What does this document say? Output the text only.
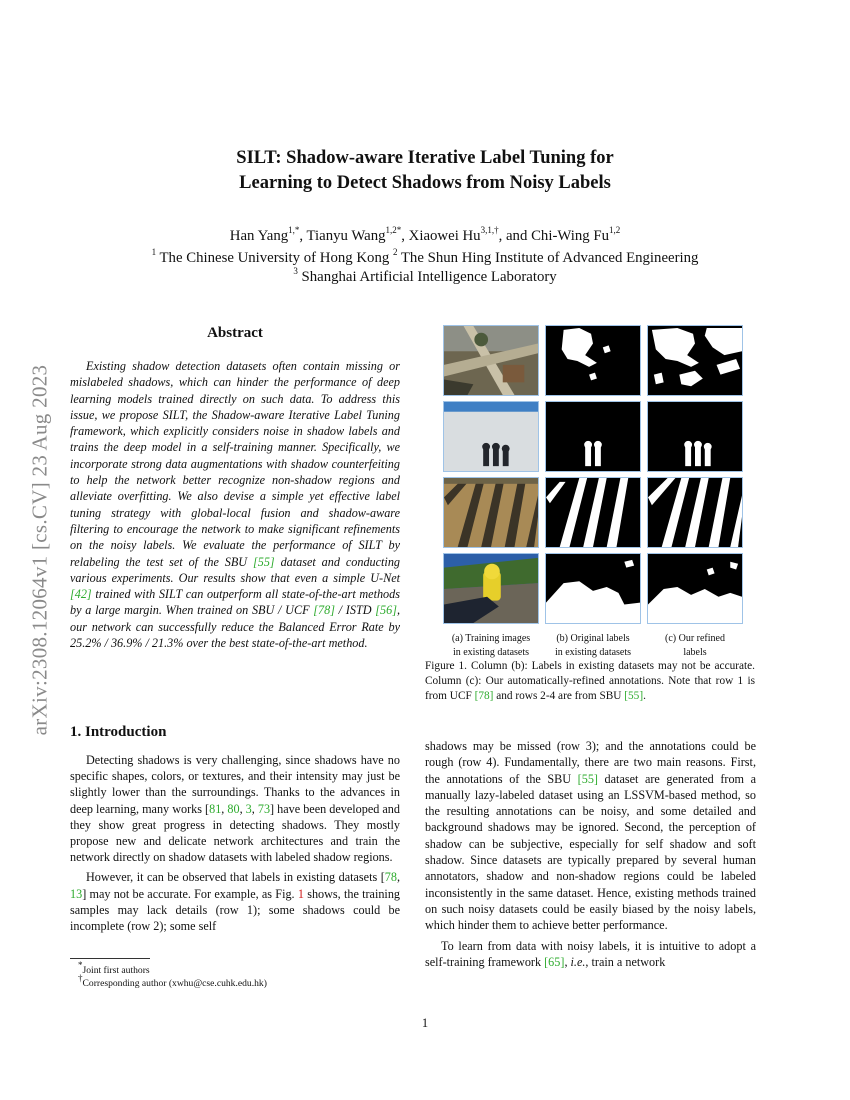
arXiv:2308.12064v1 [cs.CV] 23 Aug 2023
SILT: Shadow-aware Iterative Label Tuning for
Learning to Detect Shadows from Noisy Labels
Han Yang$^{1,*}$, Tianyu Wang$^{1,2*}$, Xiaowei $Hu^{3,1,\dagger}$, and Chi-Wing Fu$^{1,2}$
$^1$ The Chinese University of Hong Kong $^2$ The Shun Hing Institute of Advanced Engineering
$^3$ Shanghai Artificial Intelligence Laboratory
Abstract
Existing shadow detection datasets often contain missing or mislabeled shadows, which can hinder the performance of deep learning models trained directly on such data. To address this issue, we propose SILT, the Shadow-aware Iterative Label Tuning framework, which explicitly considers noise in shadow labels and trains the deep model in a self-training manner. Specifically, we incorporate strong data augmentations with shadow counterfeiting to help the network better recognize non-shadow regions and alleviate overfitting. We also devise a simple yet effective label tuning strategy with global-local fusion and shadow-aware filtering to encourage the network to make significant refinements on the noisy labels. We evaluate the performance of SILT by relabeling the test set of the SBU [55] dataset and conducting various experiments. Our results show that even a simple U-Net [42] trained with SILT can outperform all state-of-the-art methods by a large margin. When trained on SBU / UCF [78] / ISTD [56], our network can successfully reduce the Balanced Error Rate by 25.2% / 36.9% / 21.3% over the best state-of-the-art method.
1. Introduction

Detecting shadows is very challenging, since shadows have no specific shapes, colors, or textures, and their intensity may just be slightly lower than the surroundings. Thanks to the advances in deep learning, many works [81, 80, 3, 73] have been developed and they show great progress in detecting shadows. They mostly propose new and delicate network architectures and train the network directly on shadow datasets with labeled shadow regions.

However, it can be observed that labels in existing datasets [78, 13] may not be accurate. For example, as Fig. 1 shows, the training samples may lack details (row 1); some shadows could be incomplete (row 2); some self

*Joint first authors
†Corresponding author (xwhu@cse.cuhk.edu.hk)
(a) Training images
in existing datasets
(b) Original labels
in existing datasets
(c) Our refined
labels
Figure 1. Column (b): Labels in existing datasets may not be accurate. Column (c): Our automatically-refined annotations. Note that row 1 is from UCF [78] and rows 2-4 are from SBU [55].

shadows may be missed (row 3); and the annotations could be rough (row 4). Fundamentally, there are two main reasons. First, the annotations of the SBU [55] dataset are generated from a manually lazy-labeled dataset using an LSSVM-based method, so the resulting annotations can be noisy, and some detailed and background shadows may be ignored. Second, the perception of shadow can be subjective, especially for self shadow and soft shadow. Since datasets are typically prepared by several human annotators, shadow and non-shadow regions could be labeled inconsistently in the same dataset. Hence, existing methods trained on such noisy datasets could be easily biased by the noisy labels, which hinder them to achieve better performance.

To learn from data with noisy labels, it is intuitive to adopt a self-training framework [65], i.e., train a network

1
